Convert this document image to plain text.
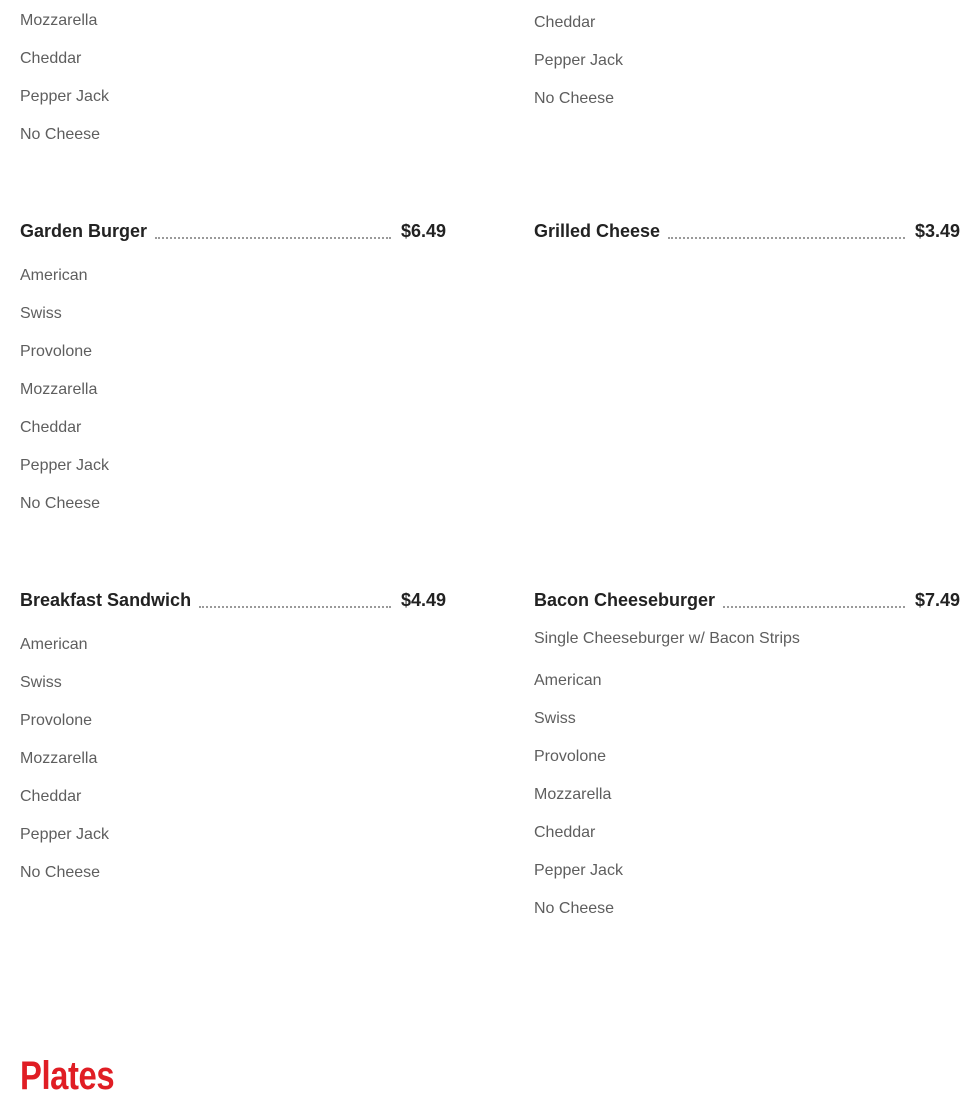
Mozzarella
Cheddar
Pepper Jack
No Cheese
Garden Burger	$6.49
American
Swiss
Provolone
Mozzarella
Cheddar
Pepper Jack
No Cheese
Breakfast Sandwich	$4.49
American
Swiss
Provolone
Mozzarella
Cheddar
Pepper Jack
No Cheese
Cheddar
Pepper Jack
No Cheese
Grilled Cheese	$3.49
Bacon Cheeseburger	$7.49
Single Cheeseburger w/ Bacon Strips
American
Swiss
Provolone
Mozzarella
Cheddar
Pepper Jack
No Cheese
Plates
